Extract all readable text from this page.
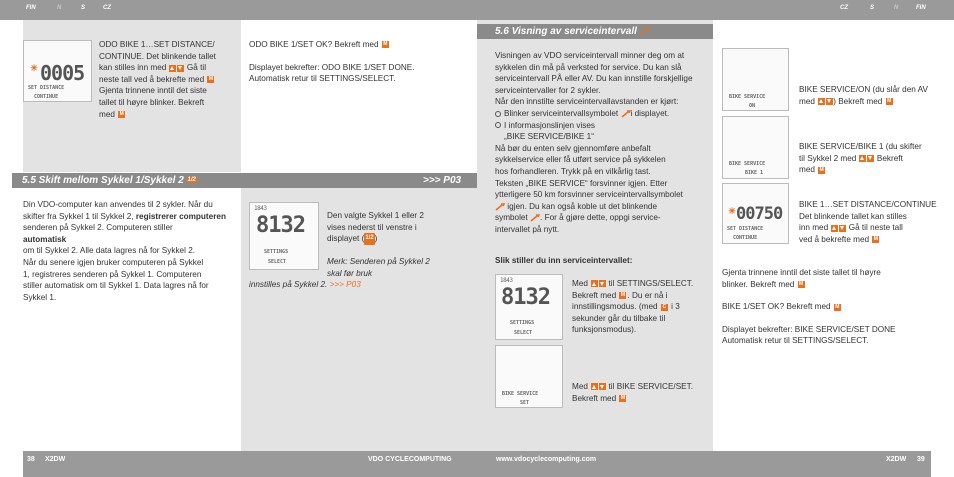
FIN	N	S	CZ	CZ	S	N	FIN
☀ 0005
SET DISTANCE
CONTINUE
ODO BIKE 1…SET DISTANCE/
CONTINUE. Det blinkende tallet
kan stilles inn med	Gå til
neste tall ved å bekrefte med M
Gjenta trinnene inntil det siste
tallet til høyre blinker. Bekreft
med M
ODO BIKE 1/SET OK? Bekreft med M
Displayet bekrefter: ODO BIKE 1/SET DONE.
Automatisk retur til SETTINGS/SELECT.
5.5 Skift mellom Sykkel 1/Sykkel 2 1/2	>>> P03
Din VDO-computer kan anvendes til 2 sykler. Når du
skifter fra Sykkel 1 til Sykkel 2, registrerer computeren
senderen på Sykkel 2. Computeren stiller
automatisk
om til Sykkel 2. Alle data lagres nå for Sykkel 2.
Når du senere igjen bruker computeren på Sykkel
1, registreres senderen på Sykkel 1. Computeren
stiller automatisk om til Sykkel 1. Data lagres nå for
Sykkel 1.
1843
8132
SETTINGS
SELECT
Den valgte Sykkel 1 eller 2
vises nederst til venstre i
displayet (1/2)
Merk: Senderen på Sykkel 2
skal før bruk
innstilles på Sykkel 2. >>> P03
38 X2DW	VDO CYCLECOMPUTING
5.6 Visning av serviceintervall
Visningen av VDO serviceintervall minner deg om at
sykkelen din må på verksted for service. Du kan slå
serviceintervall PÅ eller AV. Du kan innstille forskjellige
serviceintervaller for 2 sykler.
Når den innstilte serviceintervallavstanden er kjørt:
Blinker serviceintervallsymbolet i displayet.
I informasjonslinjen vises
„BIKE SERVICE/BIKE 1“
Nå bør du enten selv gjennomføre anbefalt
sykkelservice eller få utført service på sykkelen
hos forhandleren. Trykk på en vilkårlig tast.
Teksten „BIKE SERVICE“ forsvinner igjen. Etter
ytterligere 50 km forsvinner serviceintervallsymbolet
igjen. Du kan også koble ut det blinkende
symbolet . For å gjøre dette, oppgi service-
intervallet på nytt.
Slik stiller du inn serviceintervallet:
1843
8132
SETTINGS
SELECT
Med	til SETTINGS/SELECT.
Bekreft med M . Du er nå i
innstillingsmodus. (med C i 3
sekunder går du tilbake til
funksjonsmodus).
BIKE SERVICE
SET
Med	til BIKE SERVICE/SET.
Bekreft med M
BIKE SERVICE
ON
BIKE SERVICE/ON (du slår den AV
med ) Bekreft med M
BIKE SERVICE
BIKE 1
BIKE SERVICE/BIKE 1 (du skifter
til Sykkel 2 med	Bekreft
med M
☀ 00750
SET DISTANCE
CONTINUE
BIKE 1…SET DISTANCE/CONTINUE
Det blinkende tallet kan stilles
inn med	Gå til neste tall
ved å bekrefte med M
Gjenta trinnene inntil det siste tallet til høyre
blinker. Bekreft med M
BIKE 1/SET OK? Bekreft med M
Displayet bekrefter: BIKE SERVICE/SET DONE
Automatisk retur til SETTINGS/SELECT.
www.vdocyclecomputing.com	X2DW 39
